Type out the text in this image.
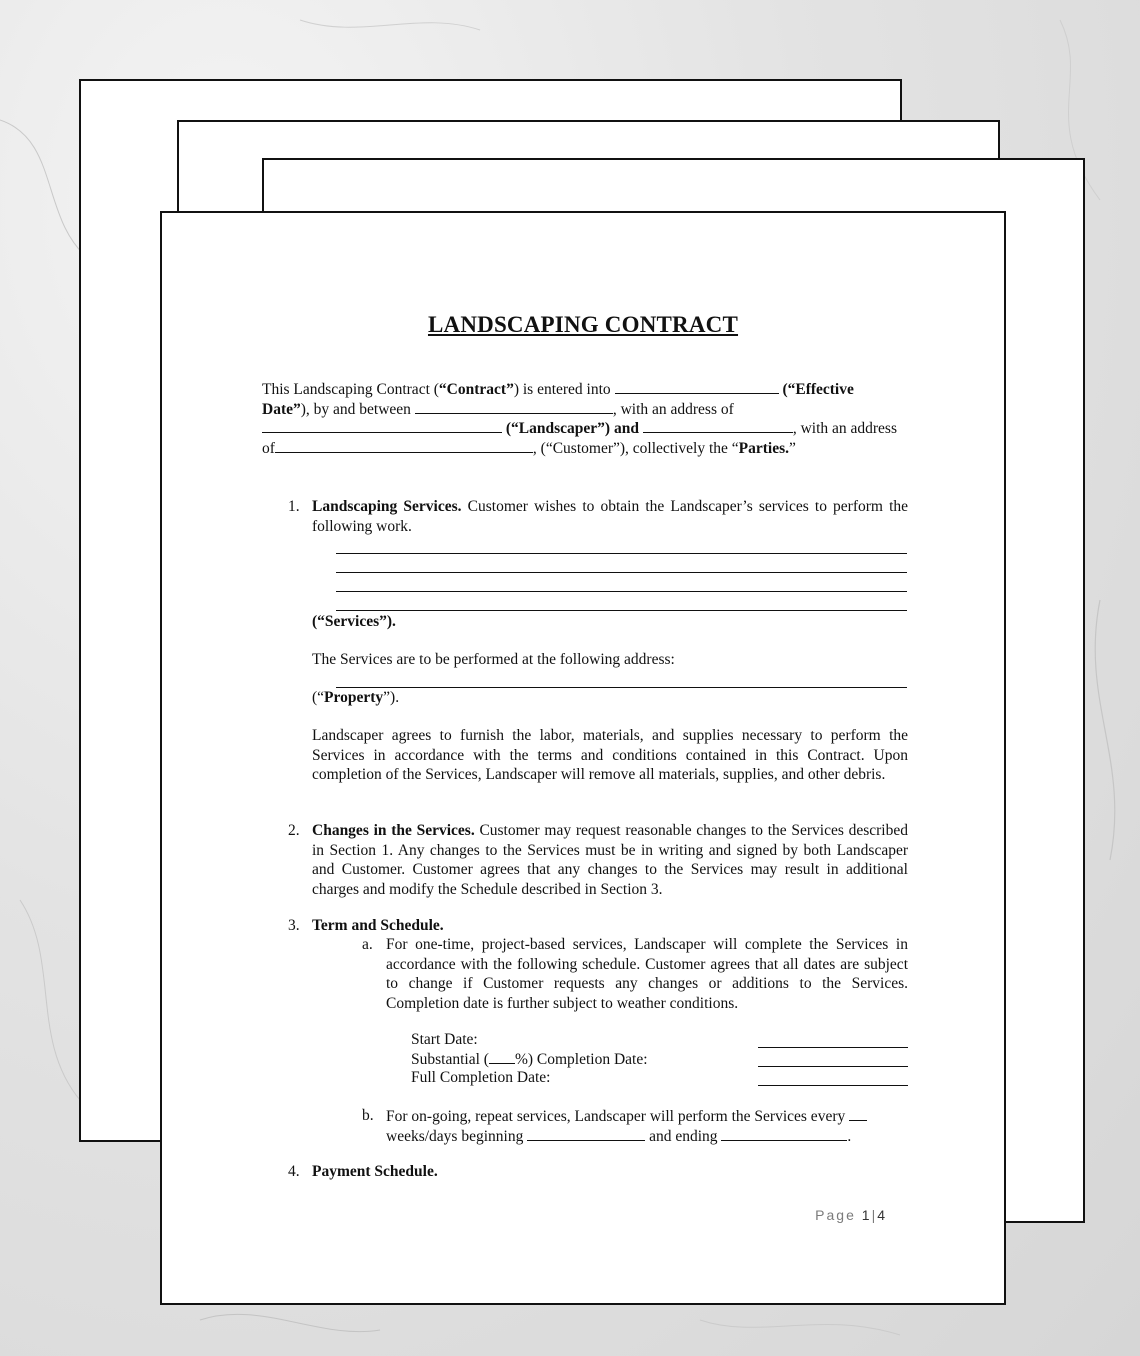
LANDSCAPING CONTRACT
This Landscaping Contract (“Contract”) is entered into	(“Effective
Date”), by and between	, with an address of
(“Landscaper”) and	, with an address
of	, (“Customer”), collectively the “Parties.”
1. Landscaping Services. Customer wishes to obtain the Landscaper’s services to perform the following work.
(“Services”).
The Services are to be performed at the following address:
(“Property”).
Landscaper agrees to furnish the labor, materials, and supplies necessary to perform the Services in accordance with the terms and conditions contained in this Contract. Upon completion of the Services, Landscaper will remove all materials, supplies, and other debris.
2. Changes in the Services. Customer may request reasonable changes to the Services described in Section 1. Any changes to the Services must be in writing and signed by both Landscaper and Customer. Customer agrees that any changes to the Services may result in additional charges and modify the Schedule described in Section 3.
3. Term and Schedule.
a. For one-time, project-based services, Landscaper will complete the Services in accordance with the following schedule. Customer agrees that all dates are subject to change if Customer requests any changes or additions to the Services. Completion date is further subject to weather conditions.
Start Date:
Substantial ( %) Completion Date:
Full Completion Date:
b. For on-going, repeat services, Landscaper will perform the Services every
weeks/days beginning	and ending	.
4. Payment Schedule.
Page 1|4
